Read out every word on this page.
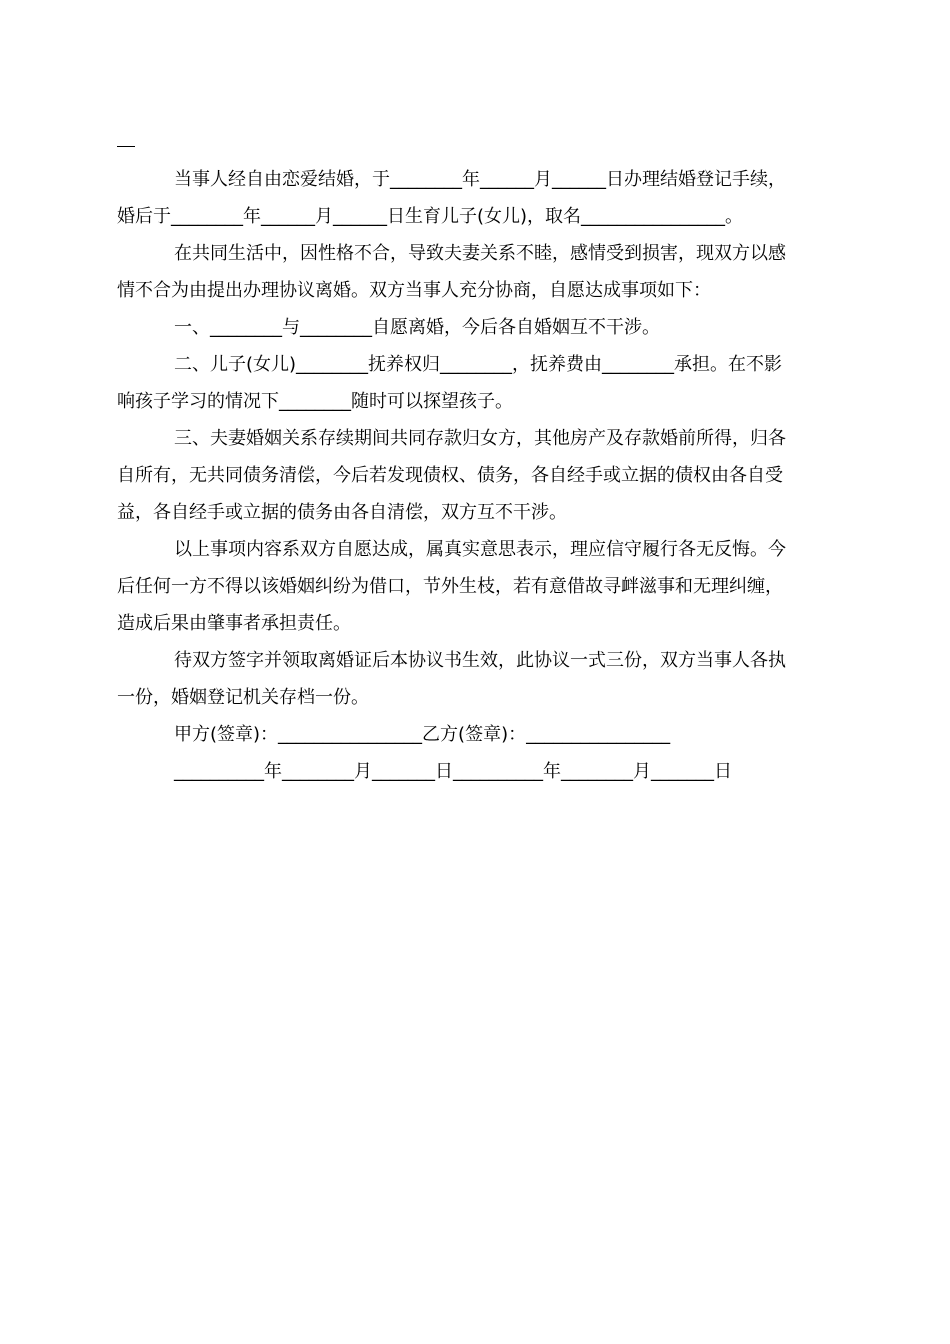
当事人经自由恋爱结婚，于________年______月______日办理结婚登记手续，
婚后于________年______月______日生育儿子(女儿)，取名________________。
在共同生活中，因性格不合，导致夫妻关系不睦，感情受到损害，现双方以感
情不合为由提出办理协议离婚。双方当事人充分协商，自愿达成事项如下：
一、________与________自愿离婚，今后各自婚姻互不干涉。
二、儿子(女儿)________抚养权归________，抚养费由________承担。在不影
响孩子学习的情况下________随时可以探望孩子。
三、夫妻婚姻关系存续期间共同存款归女方，其他房产及存款婚前所得，归各
自所有，无共同债务清偿，今后若发现债权、债务，各自经手或立据的债权由各自受
益，各自经手或立据的债务由各自清偿，双方互不干涉。
以上事项内容系双方自愿达成，属真实意思表示，理应信守履行各无反悔。今
后任何一方不得以该婚姻纠纷为借口，节外生枝，若有意借故寻衅滋事和无理纠缠，
造成后果由肇事者承担责任。
待双方签字并领取离婚证后本协议书生效，此协议一式三份，双方当事人各执
一份，婚姻登记机关存档一份。
甲方(签章)：________________乙方(签章)：________________
__________年________月_______日__________年________月_______日
